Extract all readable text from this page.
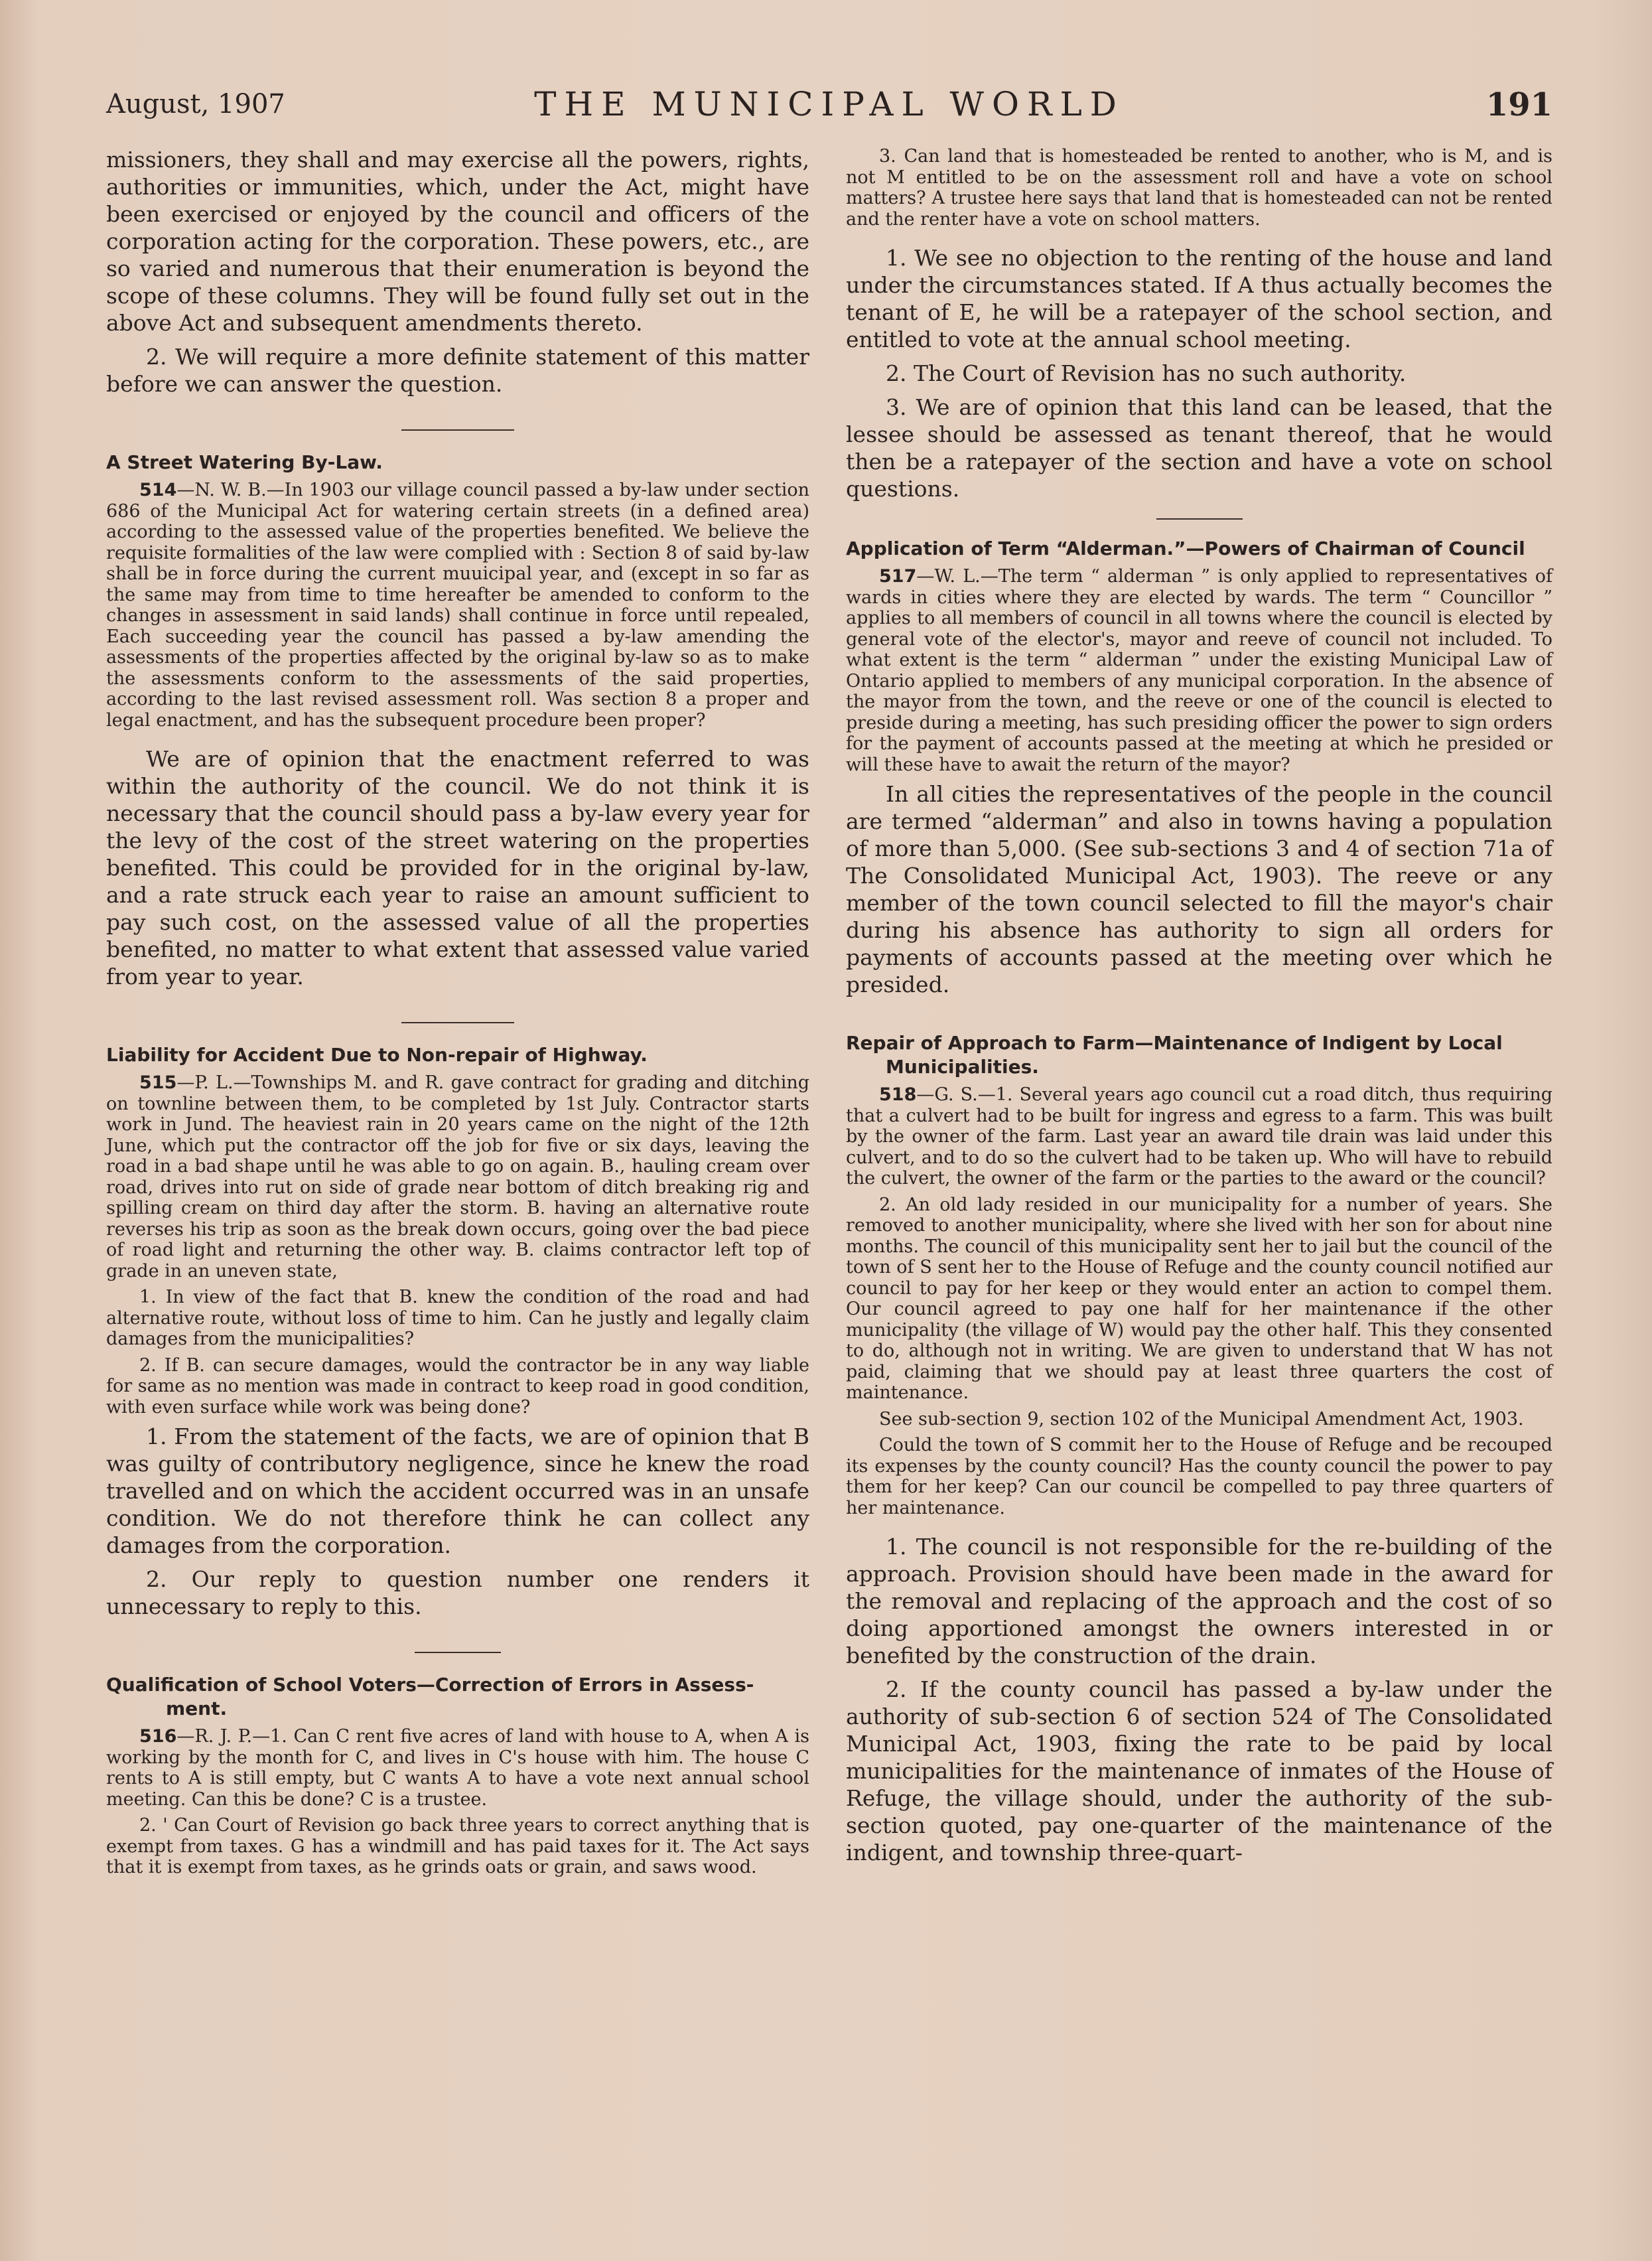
August, 1907	THE MUNICIPAL WORLD	191

missioners, they shall and may exercise all the powers, rights, authorities or immunities, which, under the Act, might have been exercised or enjoyed by the council and officers of the corporation acting for the corporation. These powers, etc., are so varied and numerous that their enumeration is beyond the scope of these columns. They will be found fully set out in the above Act and subsequent amendments thereto.

2. We will require a more definite statement of this matter before we can answer the question.

A Street Watering By-Law.

514—N. W. B.—In 1903 our village council passed a by-law under section 686 of the Municipal Act for watering certain streets (in a defined area) according to the assessed value of the properties benefited. We believe the requisite formalities of the law were complied with : Section 8 of said by-law shall be in force during the current muuicipal year, and (except in so far as the same may from time to time hereafter be amended to conform to the changes in assessment in said lands) shall continue in force until repealed, Each succeeding year the council has passed a by-law amending the assessments of the properties affected by the original by-law so as to make the assessments conform to the assessments of the said properties, according to the last revised assessment roll. Was section 8 a proper and legal enactment, and has the subsequent procedure been proper?

We are of opinion that the enactment referred to was within the authority of the council. We do not think it is necessary that the council should pass a by-law every year for the levy of the cost of the street watering on the properties benefited. This could be provided for in the original by-law, and a rate struck each year to raise an amount sufficient to pay such cost, on the assessed value of all the properties benefited, no matter to what extent that assessed value varied from year to year.

Liability for Accident Due to Non-repair of Highway.

515—P. L.—Townships M. and R. gave contract for grading and ditching on townline between them, to be completed by 1st July. Contractor starts work in Jund. The heaviest rain in 20 years came on the night of the 12th June, which put the contractor off the job for five or six days, leaving the road in a bad shape until he was able to go on again. B., hauling cream over road, drives into rut on side of grade near bottom of ditch breaking rig and spilling cream on third day after the storm. B. having an alternative route reverses his trip as soon as the break down occurs, going over the bad piece of road light and returning the other way. B. claims contractor left top of grade in an uneven state,

1. In view of the fact that B. knew the condition of the road and had alternative route, without loss of time to him. Can he justly and legally claim damages from the municipalities?

2. If B. can secure damages, would the contractor be in any way liable for same as no mention was made in contract to keep road in good condition, with even surface while work was being done?

1. From the statement of the facts, we are of opinion that B was guilty of contributory negligence, since he knew the road travelled and on which the accident occurred was in an unsafe condition. We do not therefore think he can collect any damages from the corporation.

2. Our reply to question number one renders it unnecessary to reply to this.

Qualification of School Voters—Correction of Errors in Assess-
ment.

516—R. J. P.—1. Can C rent five acres of land with house to A, when A is working by the month for C, and lives in C's house with him. The house C rents to A is still empty, but C wants A to have a vote next annual school meeting. Can this be done? C is a trustee.

2. ' Can Court of Revision go back three years to correct anything that is exempt from taxes. G has a windmill and has paid taxes for it. The Act says that it is exempt from taxes, as he grinds oats or grain, and saws wood.

3. Can land that is homesteaded be rented to another, who is M, and is not M entitled to be on the assessment roll and have a vote on school matters? A trustee here says that land that is homesteaded can not be rented and the renter have a vote on school matters.

1. We see no objection to the renting of the house and land under the circumstances stated. If A thus actually becomes the tenant of E, he will be a ratepayer of the school section, and entitled to vote at the annual school meeting.

2. The Court of Revision has no such authority.

3. We are of opinion that this land can be leased, that the lessee should be assessed as tenant thereof, that he would then be a ratepayer of the section and have a vote on school questions.

Application of Term “Alderman.”—Powers of Chairman of Council

517—W. L.—The term “ alderman ” is only applied to representatives of wards in cities where they are elected by wards. The term “ Councillor ” applies to all members of council in all towns where the council is elected by general vote of the elector's, mayor and reeve of council not included. To what extent is the term “ alderman ” under the existing Municipal Law of Ontario applied to members of any municipal corporation. In the absence of the mayor from the town, and the reeve or one of the council is elected to preside during a meeting, has such presiding officer the power to sign orders for the payment of accounts passed at the meeting at which he presided or will these have to await the return of the mayor?

In all cities the representatives of the people in the council are termed “alderman” and also in towns having a population of more than 5,000. (See sub-sections 3 and 4 of section 71a of The Consolidated Municipal Act, 1903). The reeve or any member of the town council selected to fill the mayor's chair during his absence has authority to sign all orders for payments of accounts passed at the meeting over which he presided.

Repair of Approach to Farm—Maintenance of Indigent by Local
Municipalities.

518—G. S.—1. Several years ago council cut a road ditch, thus requiring that a culvert had to be built for ingress and egress to a farm. This was built by the owner of the farm. Last year an award tile drain was laid under this culvert, and to do so the culvert had to be taken up. Who will have to rebuild the culvert, the owner of the farm or the parties to the award or the council?

2. An old lady resided in our municipality for a number of years. She removed to another municipality, where she lived with her son for about nine months. The council of this municipality sent her to jail but the council of the town of S sent her to the House of Refuge and the county council notified aur council to pay for her keep or they would enter an action to compel them. Our council agreed to pay one half for her maintenance if the other municipality (the village of W) would pay the other half. This they consented to do, although not in writing. We are given to understand that W has not paid, claiming that we should pay at least three quarters the cost of maintenance.

See sub-section 9, section 102 of the Municipal Amendment Act, 1903.

Could the town of S commit her to the House of Refuge and be recouped its expenses by the county council? Has the county council the power to pay them for her keep? Can our council be compelled to pay three quarters of her maintenance.

1. The council is not responsible for the re-building of the approach. Provision should have been made in the award for the removal and replacing of the approach and the cost of so doing apportioned amongst the owners interested in or benefited by the construction of the drain.

2. If the county council has passed a by-law under the authority of sub-section 6 of section 524 of The Consolidated Municipal Act, 1903, fixing the rate to be paid by local municipalities for the maintenance of inmates of the House of Refuge, the village should, under the authority of the sub-section quoted, pay one-quarter of the maintenance of the indigent, and township three-quart-
